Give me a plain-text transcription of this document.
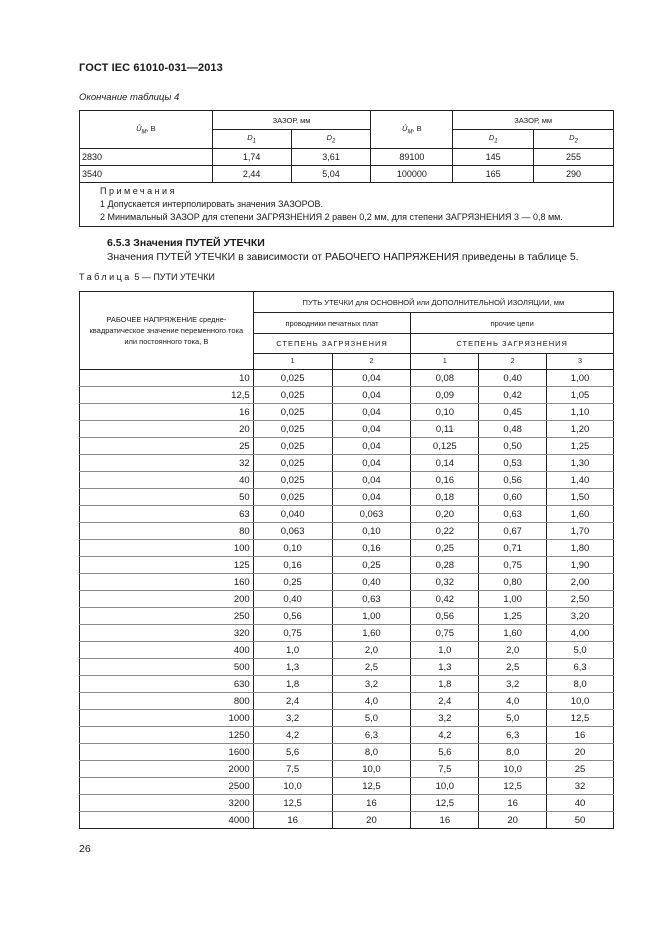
ГОСТ IEC 61010-031—2013
Окончание таблицы 4
$Û_M$, В	ЗАЗОР, мм		$Û_M$, В	ЗАЗОР, мм	
	$D_1$	$D_2$		$D_1$	$D_2$
2830	1,74	3,61	89100	145	255
3540	2,44	5,04	100000	165	290

Примечания
1 Допускается интерполировать значения ЗАЗОРОВ.
2 Минимальный ЗАЗОР для степени ЗАГРЯЗНЕНИЯ 2 равен 0,2 мм, для степени ЗАГРЯЗНЕНИЯ 3 — 0,8 мм.					
6.5.3 Значения ПУТЕЙ УТЕЧКИ
Значения ПУТЕЙ УТЕЧКИ в зависимости от РАБОЧЕГО НАПРЯЖЕНИЯ приведены в таблице 5.
Таблица 5 — ПУТИ УТЕЧКИ
РАБОЧЕЕ НАПРЯЖЕНИЕ средне-квадратическое значение переменного тока или постоянного тока, В	ПУТЬ УТЕЧКИ для ОСНОВНОЙ или ДОПОЛНИТЕЛЬНОЙ ИЗОЛЯЦИИ, мм				
	проводники печатных плат		прочие цепи		
	СТЕПЕНЬ ЗАГРЯЗНЕНИЯ		СТЕПЕНЬ ЗАГРЯЗНЕНИЯ		
	1	2	1	2	3
10	0,025	0,04	0,08	0,40	1,00
12,5	0,025	0,04	0,09	0,42	1,05
16	0,025	0,04	0,10	0,45	1,10
20	0,025	0,04	0,11	0,48	1,20
25	0,025	0,04	0,125	0,50	1,25
32	0,025	0,04	0,14	0,53	1,30
40	0,025	0,04	0,16	0,56	1,40
50	0,025	0,04	0,18	0,60	1,50
63	0,040	0,063	0,20	0,63	1,60
80	0,063	0,10	0,22	0,67	1,70
100	0,10	0,16	0,25	0,71	1,80
125	0,16	0,25	0,28	0,75	1,90
160	0,25	0,40	0,32	0,80	2,00
200	0,40	0,63	0,42	1,00	2,50
250	0,56	1,00	0,56	1,25	3,20
320	0,75	1,60	0,75	1,60	4,00
400	1,0	2,0	1,0	2,0	5,0
500	1,3	2,5	1,3	2,5	6,3
630	1,8	3,2	1,8	3,2	8,0
800	2,4	4,0	2,4	4,0	10,0
1000	3,2	5,0	3,2	5,0	12,5
1250	4,2	6,3	4,2	6,3	16
1600	5,6	8,0	5,6	8,0	20
2000	7,5	10,0	7,5	10,0	25
2500	10,0	12,5	10,0	12,5	32
3200	12,5	16	12,5	16	40
4000	16	20	16	20	50
26
